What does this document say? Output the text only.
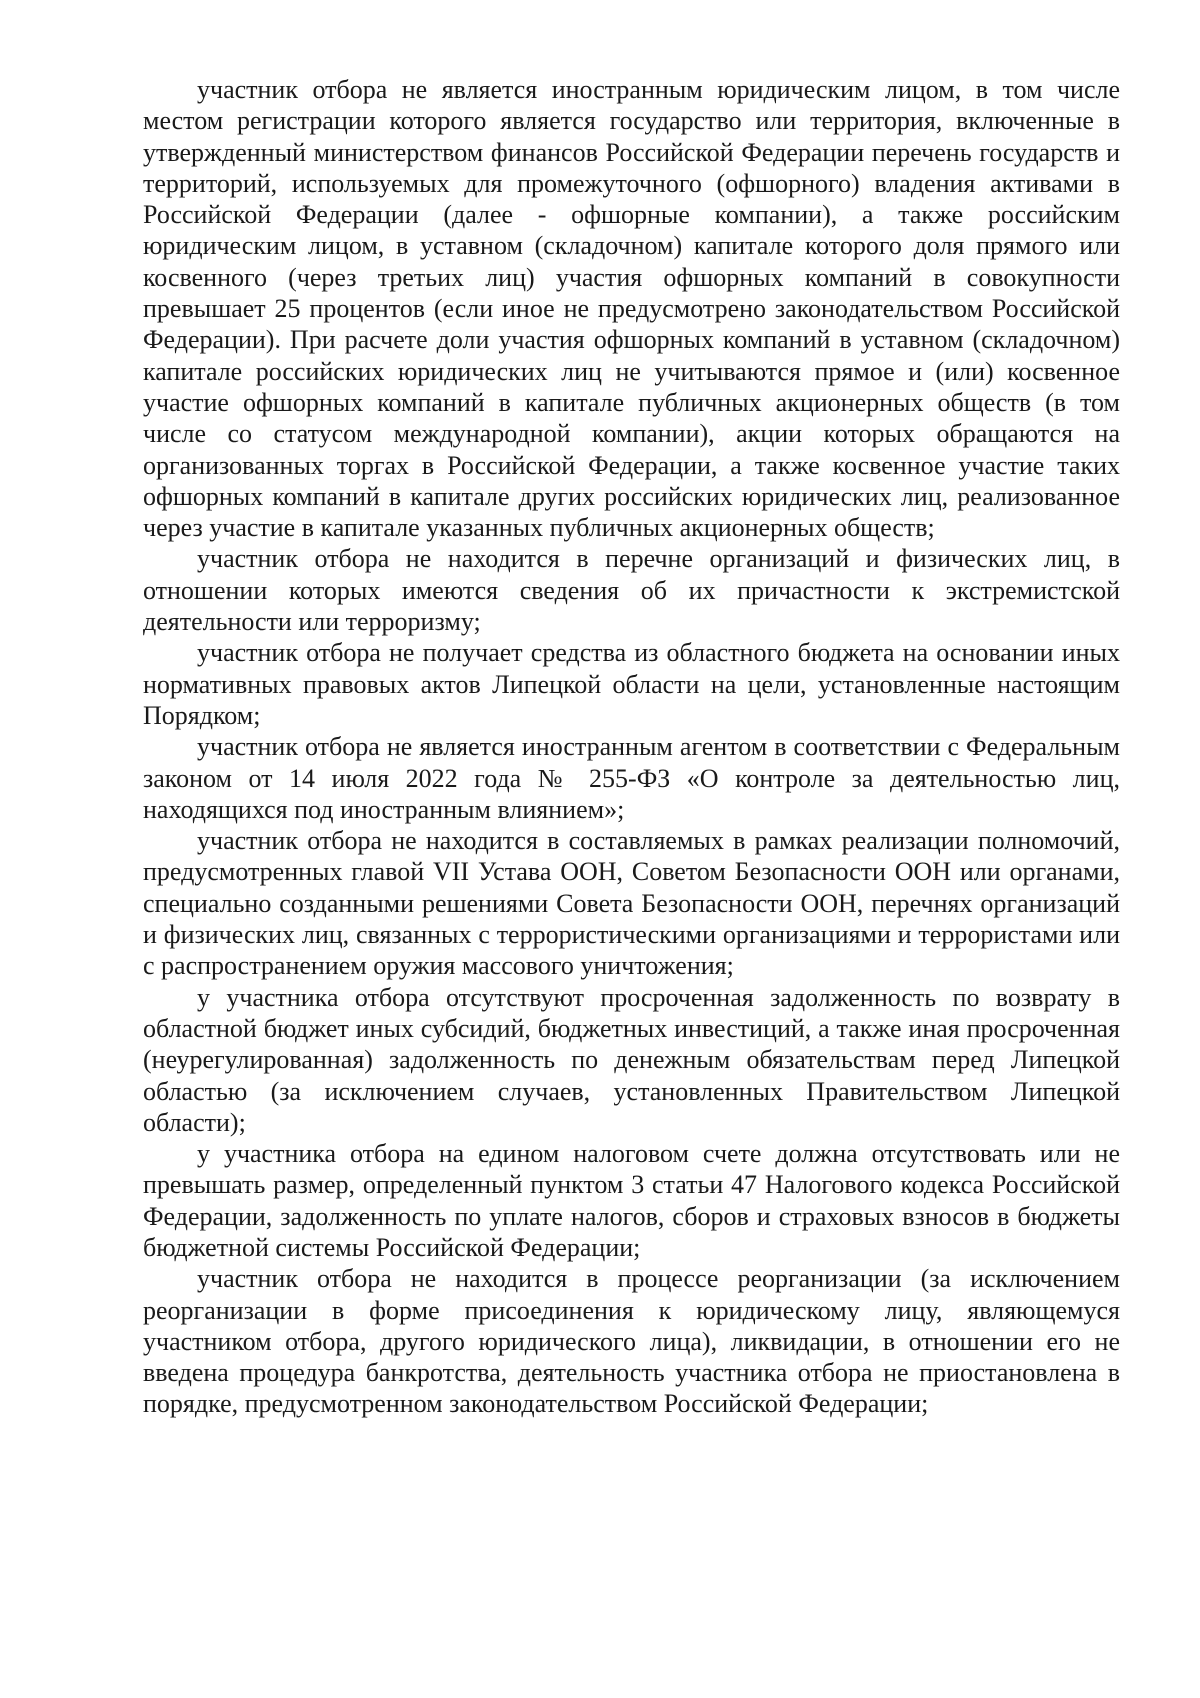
участник отбора не является иностранным юридическим лицом, в том числе местом регистрации которого является государство или территория, включенные в утвержденный министерством финансов Российской Федерации перечень государств и территорий, используемых для промежуточного (офшорного) владения активами в Российской Федерации (далее - офшорные компании), а также российским юридическим лицом, в уставном (складочном) капитале которого доля прямого или косвенного (через третьих лиц) участия офшорных компаний в совокупности превышает 25 процентов (если иное не предусмотрено законодательством Российской Федерации). При расчете доли участия офшорных компаний в уставном (складочном) капитале российских юридических лиц не учитываются прямое и (или) косвенное участие офшорных компаний в капитале публичных акционерных обществ (в том числе со статусом международной компании), акции которых обращаются на организованных торгах в Российской Федерации, а также косвенное участие таких офшорных компаний в капитале других российских юридических лиц, реализованное через участие в капитале указанных публичных акционерных обществ;

участник отбора не находится в перечне организаций и физических лиц, в отношении которых имеются сведения об их причастности к экстремистской деятельности или терроризму;

участник отбора не получает средства из областного бюджета на основании иных нормативных правовых актов Липецкой области на цели, установленные настоящим Порядком;

участник отбора не является иностранным агентом в соответствии с Федеральным законом от 14 июля 2022 года № 255-ФЗ «О контроле за деятельностью лиц, находящихся под иностранным влиянием»;

участник отбора не находится в составляемых в рамках реализации полномочий, предусмотренных главой VII Устава ООН, Советом Безопасности ООН или органами, специально созданными решениями Совета Безопасности ООН, перечнях организаций и физических лиц, связанных с террористическими организациями и террористами или с распространением оружия массового уничтожения;

у участника отбора отсутствуют просроченная задолженность по возврату в областной бюджет иных субсидий, бюджетных инвестиций, а также иная просроченная (неурегулированная) задолженность по денежным обязательствам перед Липецкой областью (за исключением случаев, установленных Правительством Липецкой области);

у участника отбора на едином налоговом счете должна отсутствовать или не превышать размер, определенный пунктом 3 статьи 47 Налогового кодекса Российской Федерации, задолженность по уплате налогов, сборов и страховых взносов в бюджеты бюджетной системы Российской Федерации;

участник отбора не находится в процессе реорганизации (за исключением реорганизации в форме присоединения к юридическому лицу, являющемуся участником отбора, другого юридического лица), ликвидации, в отношении его не введена процедура банкротства, деятельность участника отбора не приостановлена в порядке, предусмотренном законодательством Российской Федерации;
